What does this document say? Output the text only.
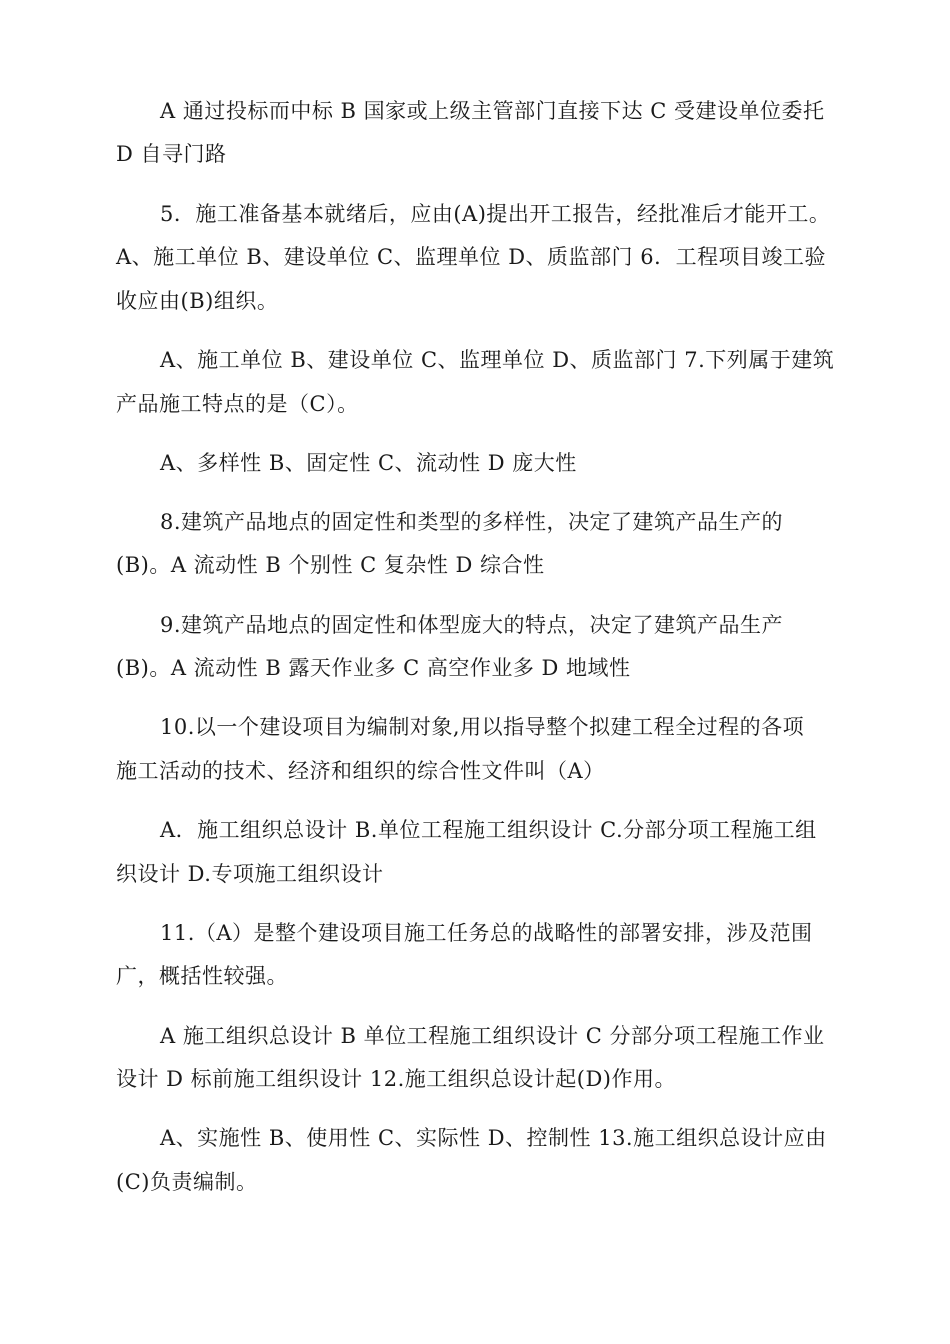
A 通过投标而中标 B 国家或上级主管部门直接下达 C 受建设单位委托
D 自寻门路
5．施工准备基本就绪后，应由(A)提出开工报告，经批准后才能开工。
A、施工单位 B、建设单位 C、监理单位 D、质监部门 6．工程项目竣工验
收应由(B)组织。
A、施工单位 B、建设单位 C、监理单位 D、质监部门 7.下列属于建筑
产品施工特点的是（C）。
A、多样性 B、固定性 C、流动性 D 庞大性
8.建筑产品地点的固定性和类型的多样性，决定了建筑产品生产的
(B)。A 流动性 B 个别性 C 复杂性 D 综合性
9.建筑产品地点的固定性和体型庞大的特点，决定了建筑产品生产
(B)。A 流动性 B 露天作业多 C 高空作业多 D 地域性
10.以一个建设项目为编制对象,用以指导整个拟建工程全过程的各项
施工活动的技术、经济和组织的综合性文件叫（A）
A．施工组织总设计 B.单位工程施工组织设计 C.分部分项工程施工组
织设计 D.专项施工组织设计
11.（A）是整个建设项目施工任务总的战略性的部署安排，涉及范围
广，概括性较强。
A 施工组织总设计 B 单位工程施工组织设计 C 分部分项工程施工作业
设计 D 标前施工组织设计 12.施工组织总设计起(D)作用。
A、实施性 B、使用性 C、实际性 D、控制性 13.施工组织总设计应由
(C)负责编制。
